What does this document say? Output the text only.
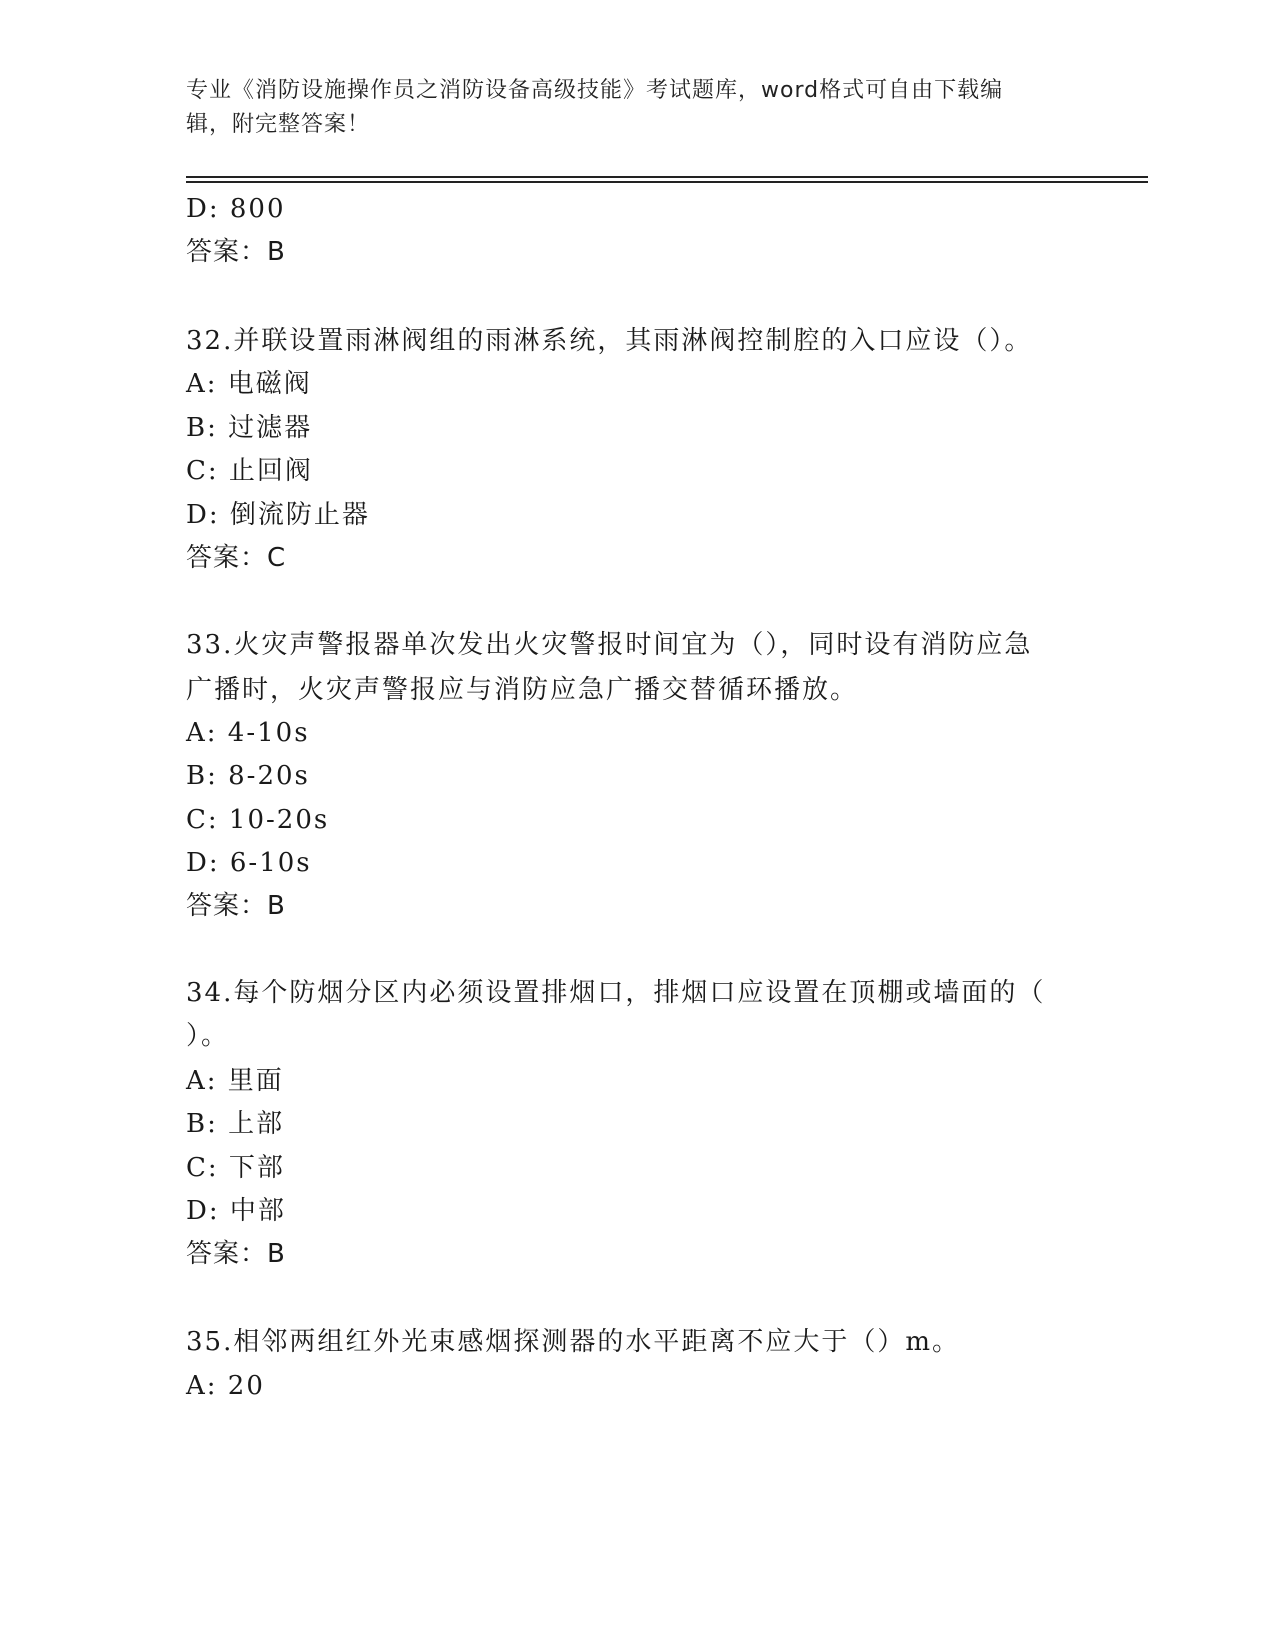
专业《消防设施操作员之消防设备高级技能》考试题库，word格式可自由下载编
辑，附完整答案！
D: 800
答案：B
32.并联设置雨淋阀组的雨淋系统，其雨淋阀控制腔的入口应设（）。
A: 电磁阀
B: 过滤器
C: 止回阀
D: 倒流防止器
答案：C
33.火灾声警报器单次发出火灾警报时间宜为（），同时设有消防应急
广播时，火灾声警报应与消防应急广播交替循环播放。
A: 4-10s
B: 8-20s
C: 10-20s
D: 6-10s
答案：B
34.每个防烟分区内必须设置排烟口，排烟口应设置在顶棚或墙面的（
）。
A: 里面
B: 上部
C: 下部
D: 中部
答案：B
35.相邻两组红外光束感烟探测器的水平距离不应大于（）m。
A: 20
